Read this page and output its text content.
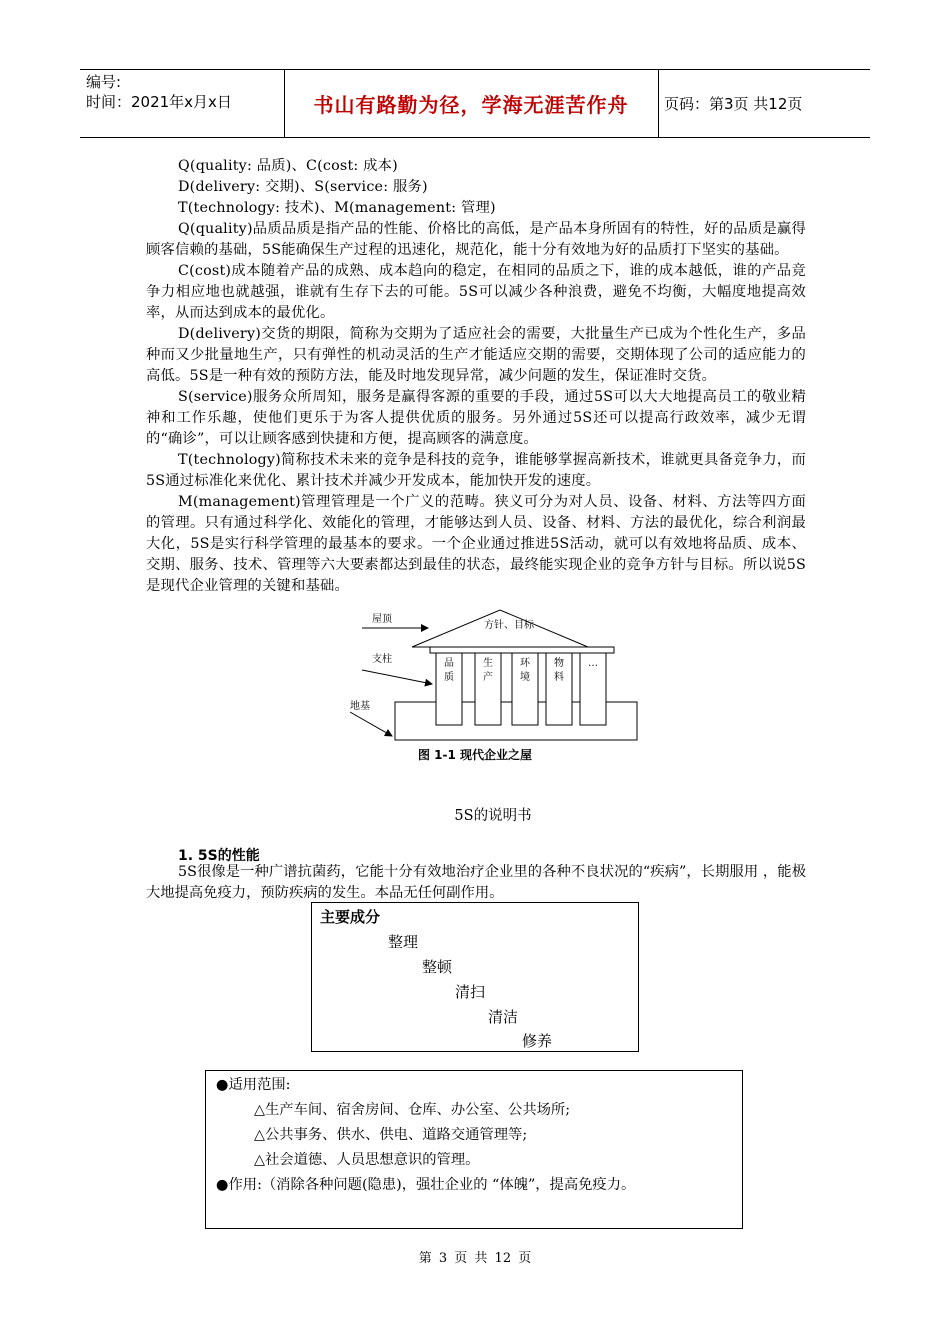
编号:
时间：2021年x月x日	书山有路勤为径，学海无涯苦作舟	页码：第3页 共12页

Q(quality: 品质)、C(cost: 成本)

D(delivery: 交期)、S(service: 服务)

T(technology: 技术)、M(management: 管理)

Q(quality)品质品质是指产品的性能、价格比的高低，是产品本身所固有的特性，好的品质是赢得顾客信赖的基础，5S能确保生产过程的迅速化，规范化，能十分有效地为好的品质打下坚实的基础。

C(cost)成本随着产品的成熟、成本趋向的稳定，在相同的品质之下，谁的成本越低，谁的产品竞争力相应地也就越强，谁就有生存下去的可能。5S可以减少各种浪费，避免不均衡，大幅度地提高效率，从而达到成本的最优化。

D(delivery)交货的期限，简称为交期为了适应社会的需要，大批量生产已成为个性化生产，多品种而又少批量地生产，只有弹性的机动灵活的生产才能适应交期的需要，交期体现了公司的适应能力的高低。5S是一种有效的预防方法，能及时地发现异常，减少问题的发生，保证准时交货。

S(service)服务众所周知，服务是赢得客源的重要的手段，通过5S可以大大地提高员工的敬业精神和工作乐趣，使他们更乐于为客人提供优质的服务。另外通过5S还可以提高行政效率，减少无谓的“确诊”，可以让顾客感到快捷和方便，提高顾客的满意度。

T(technology)简称技术未来的竞争是科技的竞争，谁能够掌握高新技术，谁就更具备竞争力，而5S通过标准化来优化、累计技术并减少开发成本，能加快开发的速度。

M(management)管理管理是一个广义的范畴。狭义可分为对人员、设备、材料、方法等四方面的管理。只有通过科学化、效能化的管理，才能够达到人员、设备、材料、方法的最优化，综合利润最大化，5S是实行科学管理的最基本的要求。一个企业通过推进5S活动，就可以有效地将品质、成本、交期、服务、技术、管理等六大要素都达到最佳的状态，最终能实现企业的竞争方针与目标。所以说5S是现代企业管理的关键和基础。

方针、目标
品质
生产
环境
物料
…
屋顶
支柱
地基
图 1-1 现代企业之屋
5S的说明书
1. 5S的性能

5S很像是一种广谱抗菌药，它能十分有效地治疗企业里的各种不良状况的“疾病”，长期服用 ，能极大地提高免疫力，预防疾病的发生。本品无任何副作用。

主要成分
整理
整顿
清扫
清洁
修养
●适用范围:
△生产车间、宿舍房间、仓库、办公室、公共场所;
△公共事务、供水、供电、道路交通管理等;
△社会道德、人员思想意识的管理。
●作用:（消除各种问题(隐患)，强壮企业的 “体魄”，提高免疫力。
第 3 页 共 12 页
